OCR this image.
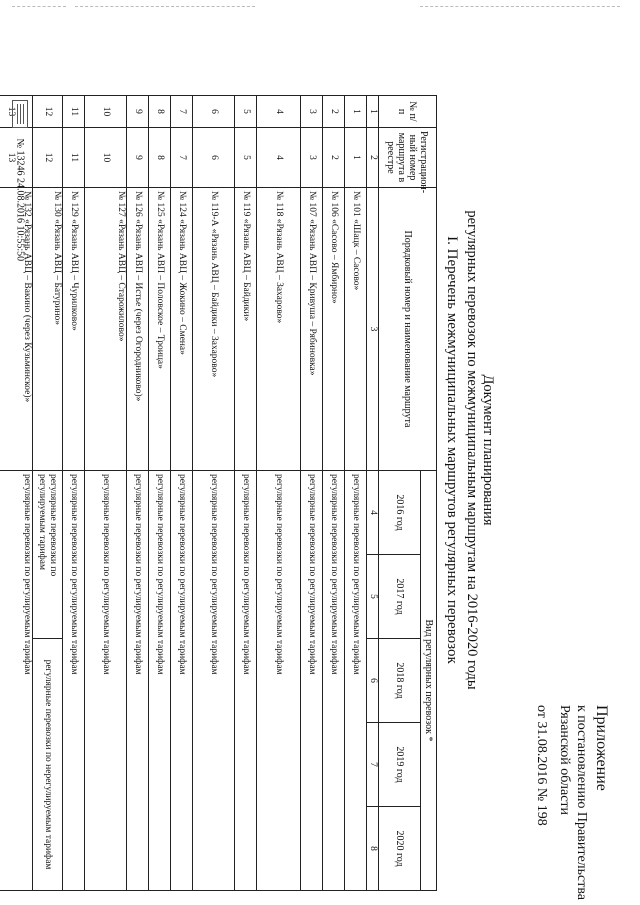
Приложение
к постановлению Правительства
Рязанской области
от 31.08.2016 № 198
Документ планирования
регулярных перевозок по межмуниципальным маршрутам на 2016-2020 годы
I. Перечень межмуниципальных маршрутов регулярных перевозок
№ п/п	Регистрацион-ный номер маршрута в реестре	Порядковый номер и наименование маршрута	Вид регулярных перевозок *				
			2016 год	2017 год	2018 год	2019 год	2020 год
1	2	3	4	5	6	7	8
1	1	№ 101 «Шацк – Сасово»	регулярные перевозки по регулируемым тарифам				
2	2	№ 106 «Сасово – Ямбирно»	регулярные перевозки по регулируемым тарифам				
3	3	№ 107 «Рязань АВП – Кривуша – Рябиновка»	регулярные перевозки по регулируемым тарифам				
4	4	№ 118 «Рязань АВЦ – Захарово»	регулярные перевозки по регулируемым тарифам				
5	5	№ 119 «Рязань АВЦ – Байдики»	регулярные перевозки по регулируемым тарифам				
6	6	№ 119-А «Рязань АВЦ – Байдики – Захарово»	регулярные перевозки по регулируемым тарифам				
7	7	№ 124 «Рязань АВЦ – Жокино – Смена»	регулярные перевозки по регулируемым тарифам				
8	8	№ 125 «Рязань АВП – Половское – Троица»	регулярные перевозки по регулируемым тарифам				
9	9	№ 126 «Рязань АВП – Истье (через Огородниково)»	регулярные перевозки по регулируемым тарифам				
10	10	№ 127 «Рязань АВЦ – Старожилово»	регулярные перевозки по регулируемым тарифам				
11	11	№ 129 «Рязань АВЦ – Чурилково»	регулярные перевозки по регулируемым тарифам				
12	12	№ 130 «Рязань АВЦ – Батурино»	регулярные перевозки по регулируемым тарифам		регулярные перевозки по нерегулируемым тарифам		
13	13	№ 132 «Рязань АВЦ – Вакино (через Кузьминское)»	регулярные перевозки по регулируемым тарифам				
№ 13246 24.08.2016 10:55:50
